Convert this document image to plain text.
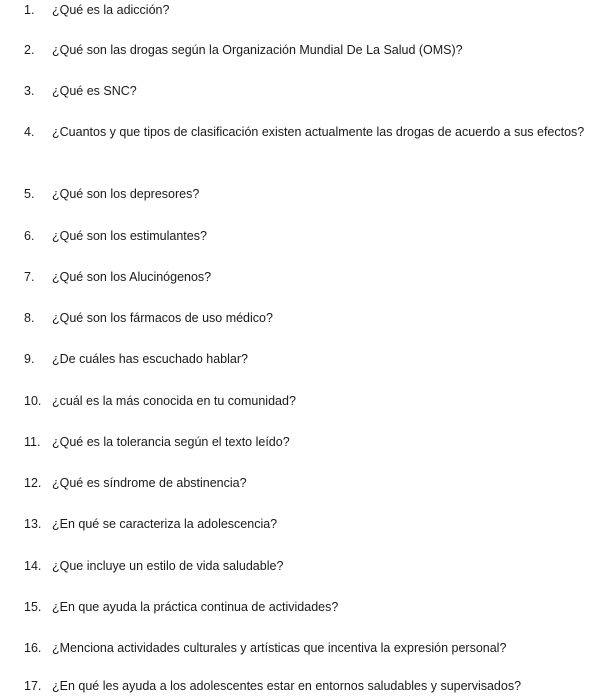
1. ¿Qué es la adicción?
2. ¿Qué son las drogas según la Organización Mundial De La Salud (OMS)?
3. ¿Qué es SNC?
4. ¿Cuantos y que tipos de clasificación existen actualmente las drogas de acuerdo a sus efectos?
5. ¿Qué son los depresores?
6. ¿Qué son los estimulantes?
7. ¿Qué son los Alucinógenos?
8. ¿Qué son los fármacos de uso médico?
9. ¿De cuáles has escuchado hablar?
10. ¿cuál es la más conocida en tu comunidad?
11. ¿Qué es la tolerancia según el texto leído?
12. ¿Qué es síndrome de abstinencia?
13. ¿En qué se caracteriza la adolescencia?
14. ¿Que incluye un estilo de vida saludable?
15. ¿En que ayuda la práctica continua de actividades?
16. ¿Menciona actividades culturales y artísticas que incentiva la expresión personal?
17. ¿En qué les ayuda a los adolescentes estar en entornos saludables y supervisados?
